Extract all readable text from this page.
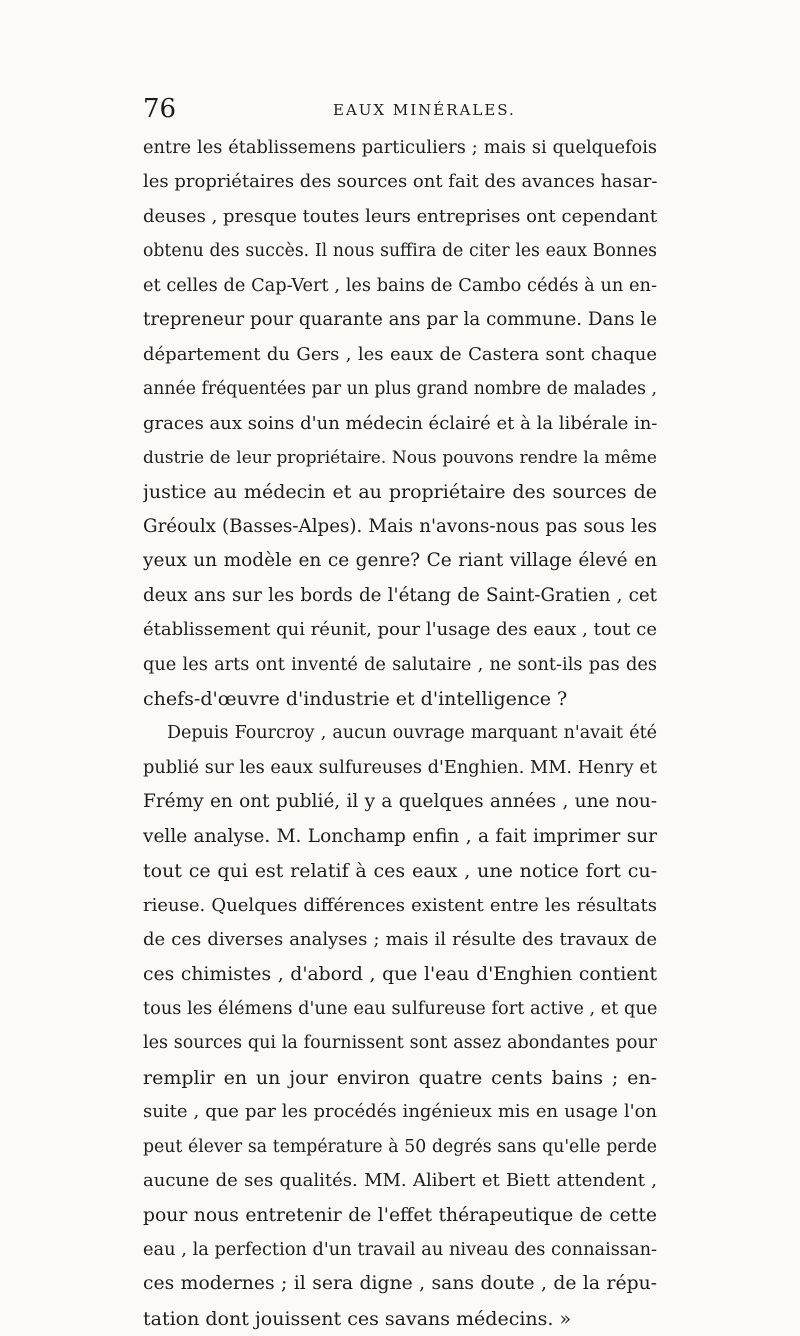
76	EAUX MINÉRALES.
entre les établissemens particuliers ; mais si quelquefois
les propriétaires des sources ont fait des avances hasar-
deuses , presque toutes leurs entreprises ont cependant
obtenu des succès. Il nous suffira de citer les eaux Bonnes
et celles de Cap-Vert , les bains de Cambo cédés à un en-
trepreneur pour quarante ans par la commune. Dans le
département du Gers , les eaux de Castera sont chaque
année fréquentées par un plus grand nombre de malades ,
graces aux soins d'un médecin éclairé et à la libérale in-
dustrie de leur propriétaire. Nous pouvons rendre la même
justice au médecin et au propriétaire des sources de
Gréoulx (Basses-Alpes). Mais n'avons-nous pas sous les
yeux un modèle en ce genre? Ce riant village élevé en
deux ans sur les bords de l'étang de Saint-Gratien , cet
établissement qui réunit, pour l'usage des eaux , tout ce
que les arts ont inventé de salutaire , ne sont-ils pas des
chefs-d'œuvre d'industrie et d'intelligence ?
Depuis Fourcroy , aucun ouvrage marquant n'avait été
publié sur les eaux sulfureuses d'Enghien. MM. Henry et
Frémy en ont publié, il y a quelques années , une nou-
velle analyse. M. Lonchamp enfin , a fait imprimer sur
tout ce qui est relatif à ces eaux , une notice fort cu-
rieuse. Quelques différences existent entre les résultats
de ces diverses analyses ; mais il résulte des travaux de
ces chimistes , d'abord , que l'eau d'Enghien contient
tous les élémens d'une eau sulfureuse fort active , et que
les sources qui la fournissent sont assez abondantes pour
remplir en un jour environ quatre cents bains ; en-
suite , que par les procédés ingénieux mis en usage l'on
peut élever sa température à 50 degrés sans qu'elle perde
aucune de ses qualités. MM. Alibert et Biett attendent ,
pour nous entretenir de l'effet thérapeutique de cette
eau , la perfection d'un travail au niveau des connaissan-
ces modernes ; il sera digne , sans doute , de la répu-
tation dont jouissent ces savans médecins. »
